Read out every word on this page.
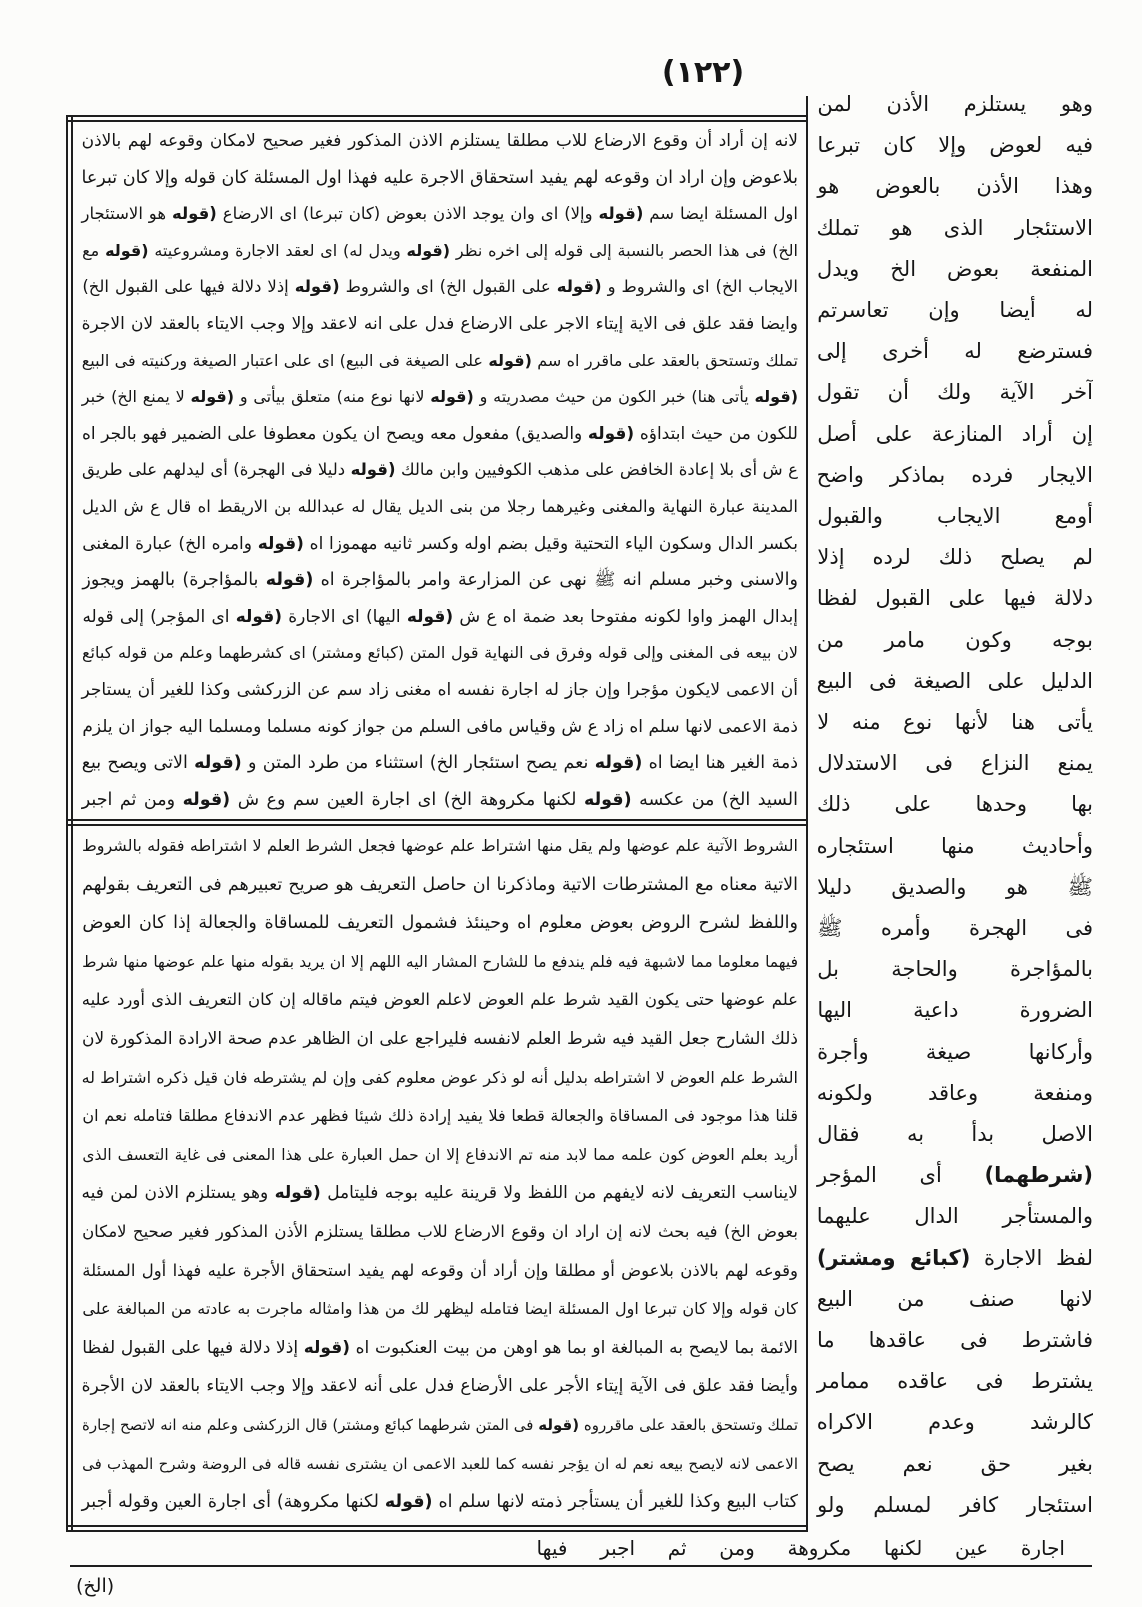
(١٢٢)
وهو يستلزم الأذن لمن
فيه لعوض وإلا كان تبرعا
وهذا الأذن بالعوض هو
الاستئجار الذى هو تملك
المنفعة بعوض الخ ويدل
له أيضا وإن تعاسرتم
فسترضع له أخرى إلى
آخر الآية ولك أن تقول
إن أراد المنازعة على أصل
الايجار فرده بماذكر واضح
أومع الايجاب والقبول
لم يصلح ذلك لرده إذلا
دلالة فيها على القبول لفظا
بوجه وكون مامر من
الدليل على الصيغة فى البيع
يأتى هنا لأنها نوع منه لا
يمنع النزاع فى الاستدلال
بها وحدها على ذلك
وأحاديث منها استئجاره
ﷺ هو والصديق دليلا
فى الهجرة وأمره ﷺ
بالمؤاجرة والحاجة بل
الضرورة داعية اليها
وأركانها صيغة وأجرة
ومنفعة وعاقد ولكونه
الاصل بدأ به فقال
(شرطهما) أى المؤجر
والمستأجر الدال عليهما
لفظ الاجارة (كبائع ومشتر)
لانها صنف من البيع
فاشترط فى عاقدها ما
يشترط فى عاقده ممامر
كالرشد وعدم الاكراه
بغير حق نعم يصح
استئجار كافر لمسلم ولو
لانه إن أراد أن وقوع الارضاع للاب مطلقا يستلزم الاذن المذكور فغير صحيح لامكان وقوعه لهم بالاذن
بلاعوض وإن اراد ان وقوعه لهم يفيد استحقاق الاجرة عليه فهذا اول المسئلة كان قوله وإلا كان تبرعا
اول المسئلة ايضا سم (قوله وإلا) اى وان يوجد الاذن بعوض (كان تبرعا) اى الارضاع (قوله هو الاستئجار
الخ) فى هذا الحصر بالنسبة إلى قوله إلى اخره نظر (قوله ويدل له) اى لعقد الاجارة ومشروعيته (قوله مع
الايجاب الخ) اى والشروط و (قوله على القبول الخ) اى والشروط (قوله إذلا دلالة فيها على القبول الخ)
وايضا فقد علق فى الاية إيتاء الاجر على الارضاع فدل على انه لاعقد وإلا وجب الايتاء بالعقد لان الاجرة
تملك وتستحق بالعقد على ماقرر اه سم (قوله على الصيغة فى البيع) اى على اعتبار الصيغة وركنيته فى البيع
(قوله يأتى هنا) خبر الكون من حيث مصدريته و (قوله لانها نوع منه) متعلق بيأتى و (قوله لا يمنع الخ) خبر
للكون من حيث ابتداؤه (قوله والصديق) مفعول معه ويصح ان يكون معطوفا على الضمير فهو بالجر اه
ع ش أى بلا إعادة الخافض على مذهب الكوفيين وابن مالك (قوله دليلا فى الهجرة) أى ليدلهم على طريق
المدينة عبارة النهاية والمغنى وغيرهما رجلا من بنى الديل يقال له عبدالله بن الاريقط اه قال ع ش الديل
بكسر الدال وسكون الياء التحتية وقيل بضم اوله وكسر ثانيه مهموزا اه (قوله وامره الخ) عبارة المغنى
والاسنى وخبر مسلم انه ﷺ نهى عن المزارعة وامر بالمؤاجرة اه (قوله بالمؤاجرة) بالهمز ويجوز
إبدال الهمز واوا لكونه مفتوحا بعد ضمة اه ع ش (قوله اليها) اى الاجارة (قوله اى المؤجر) إلى قوله
لان بيعه فى المغنى وإلى قوله وفرق فى النهاية قول المتن (كبائع ومشتر) اى كشرطهما وعلم من قوله كبائع
أن الاعمى لايكون مؤجرا وإن جاز له اجارة نفسه اه مغنى زاد سم عن الزركشى وكذا للغير أن يستاجر
ذمة الاعمى لانها سلم اه زاد ع ش وقياس مافى السلم من جواز كونه مسلما ومسلما اليه جواز ان يلزم
ذمة الغير هنا ايضا اه (قوله نعم يصح استئجار الخ) استثناء من طرد المتن و (قوله الاتى ويصح بيع
السيد الخ) من عكسه (قوله لكنها مكروهة الخ) اى اجارة العين سم وع ش (قوله ومن ثم اجبر
الشروط الآتية علم عوضها ولم يقل منها اشتراط علم عوضها فجعل الشرط العلم لا اشتراطه فقوله بالشروط
الاتية معناه مع المشترطات الاتية وماذكرنا ان حاصل التعريف هو صريح تعبيرهم فى التعريف بقولهم
واللفظ لشرح الروض بعوض معلوم اه وحينئذ فشمول التعريف للمساقاة والجعالة إذا كان العوض
فيهما معلوما مما لاشبهة فيه فلم يندفع ما للشارح المشار اليه اللهم إلا ان يريد بقوله منها علم عوضها منها شرط
علم عوضها حتى يكون القيد شرط علم العوض لاعلم العوض فيتم ماقاله إن كان التعريف الذى أورد عليه
ذلك الشارح جعل القيد فيه شرط العلم لانفسه فليراجع على ان الظاهر عدم صحة الارادة المذكورة لان
الشرط علم العوض لا اشتراطه بدليل أنه لو ذكر عوض معلوم كفى وإن لم يشترطه فان قيل ذكره اشتراط له
قلنا هذا موجود فى المساقاة والجعالة قطعا فلا يفيد إرادة ذلك شيئا فظهر عدم الاندفاع مطلقا فتامله نعم ان
أريد بعلم العوض كون علمه مما لابد منه تم الاندفاع إلا ان حمل العبارة على هذا المعنى فى غاية التعسف الذى
لايناسب التعريف لانه لايفهم من اللفظ ولا قرينة عليه بوجه فليتامل (قوله وهو يستلزم الاذن لمن فيه
بعوض الخ) فيه بحث لانه إن اراد ان وقوع الارضاع للاب مطلقا يستلزم الأذن المذكور فغير صحيح لامكان
وقوعه لهم بالاذن بلاعوض أو مطلقا وإن أراد أن وقوعه لهم يفيد استحقاق الأجرة عليه فهذا أول المسئلة
كان قوله وإلا كان تبرعا اول المسئلة ايضا فتامله ليظهر لك من هذا وامثاله ماجرت به عادته من المبالغة على
الائمة بما لايصح به المبالغة او بما هو اوهن من بيت العنكبوت اه (قوله إذلا دلالة فيها على القبول لفظا
وأيضا فقد علق فى الآية إيتاء الأجر على الأرضاع فدل على أنه لاعقد وإلا وجب الايتاء بالعقد لان الأجرة
تملك وتستحق بالعقد على ماقرروه (قوله فى المتن شرطهما كبائع ومشتر) قال الزركشى وعلم منه انه لاتصح إجارة
الاعمى لانه لايصح بيعه نعم له ان يؤجر نفسه كما للعبد الاعمى ان يشترى نفسه قاله فى الروضة وشرح المهذب فى
كتاب البيع وكذا للغير أن يستأجر ذمته لانها سلم اه (قوله لكنها مكروهة) أى اجارة العين وقوله أجبر
اجارة عين لكنها مكروهة ومن ثم اجبر فيها
(الخ)
